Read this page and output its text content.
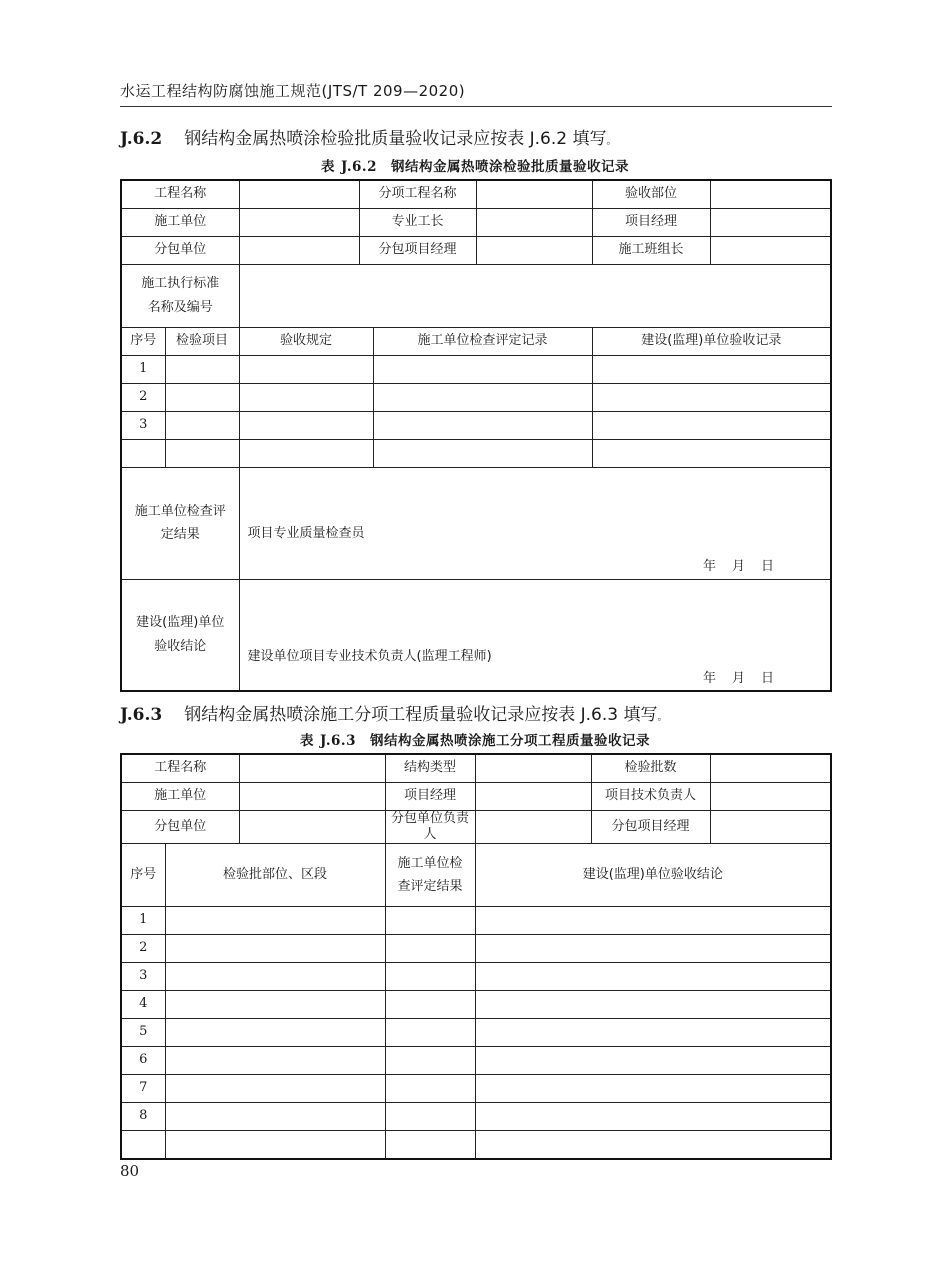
水运工程结构防腐蚀施工规范(JTS/T 209—2020)
J.6.2 钢结构金属热喷涂检验批质量验收记录应按表 J.6.2 填写。
表 J.6.2 钢结构金属热喷涂检验批质量验收记录
工程名称			分项工程名称			验收部位	
施工单位			专业工长			项目经理	
分包单位			分包项目经理			施工班组长	
施工执行标准名称及编号							
序号	检验项目	验收规定		施工单位检查评定记录		建设(监理)单位验收记录	
1							
2							
3							

施工单位检查评定结果		项目专业质量检查员
年 月 日					

建设(监理)单位验收结论		建设单位项目专业技术负责人(监理工程师)
年 月 日					
J.6.3 钢结构金属热喷涂施工分项工程质量验收记录应按表 J.6.3 填写。
表 J.6.3 钢结构金属热喷涂施工分项工程质量验收记录
工程名称			结构类型		检验批数	
施工单位			项目经理		项目技术负责人	
分包单位			分包单位负责人		分包项目经理	
序号	检验批部位、区段		施工单位检查评定结果	建设(监理)单位验收结论		
1						
2						
3						
4						
5						
6						
7						
8						

80
